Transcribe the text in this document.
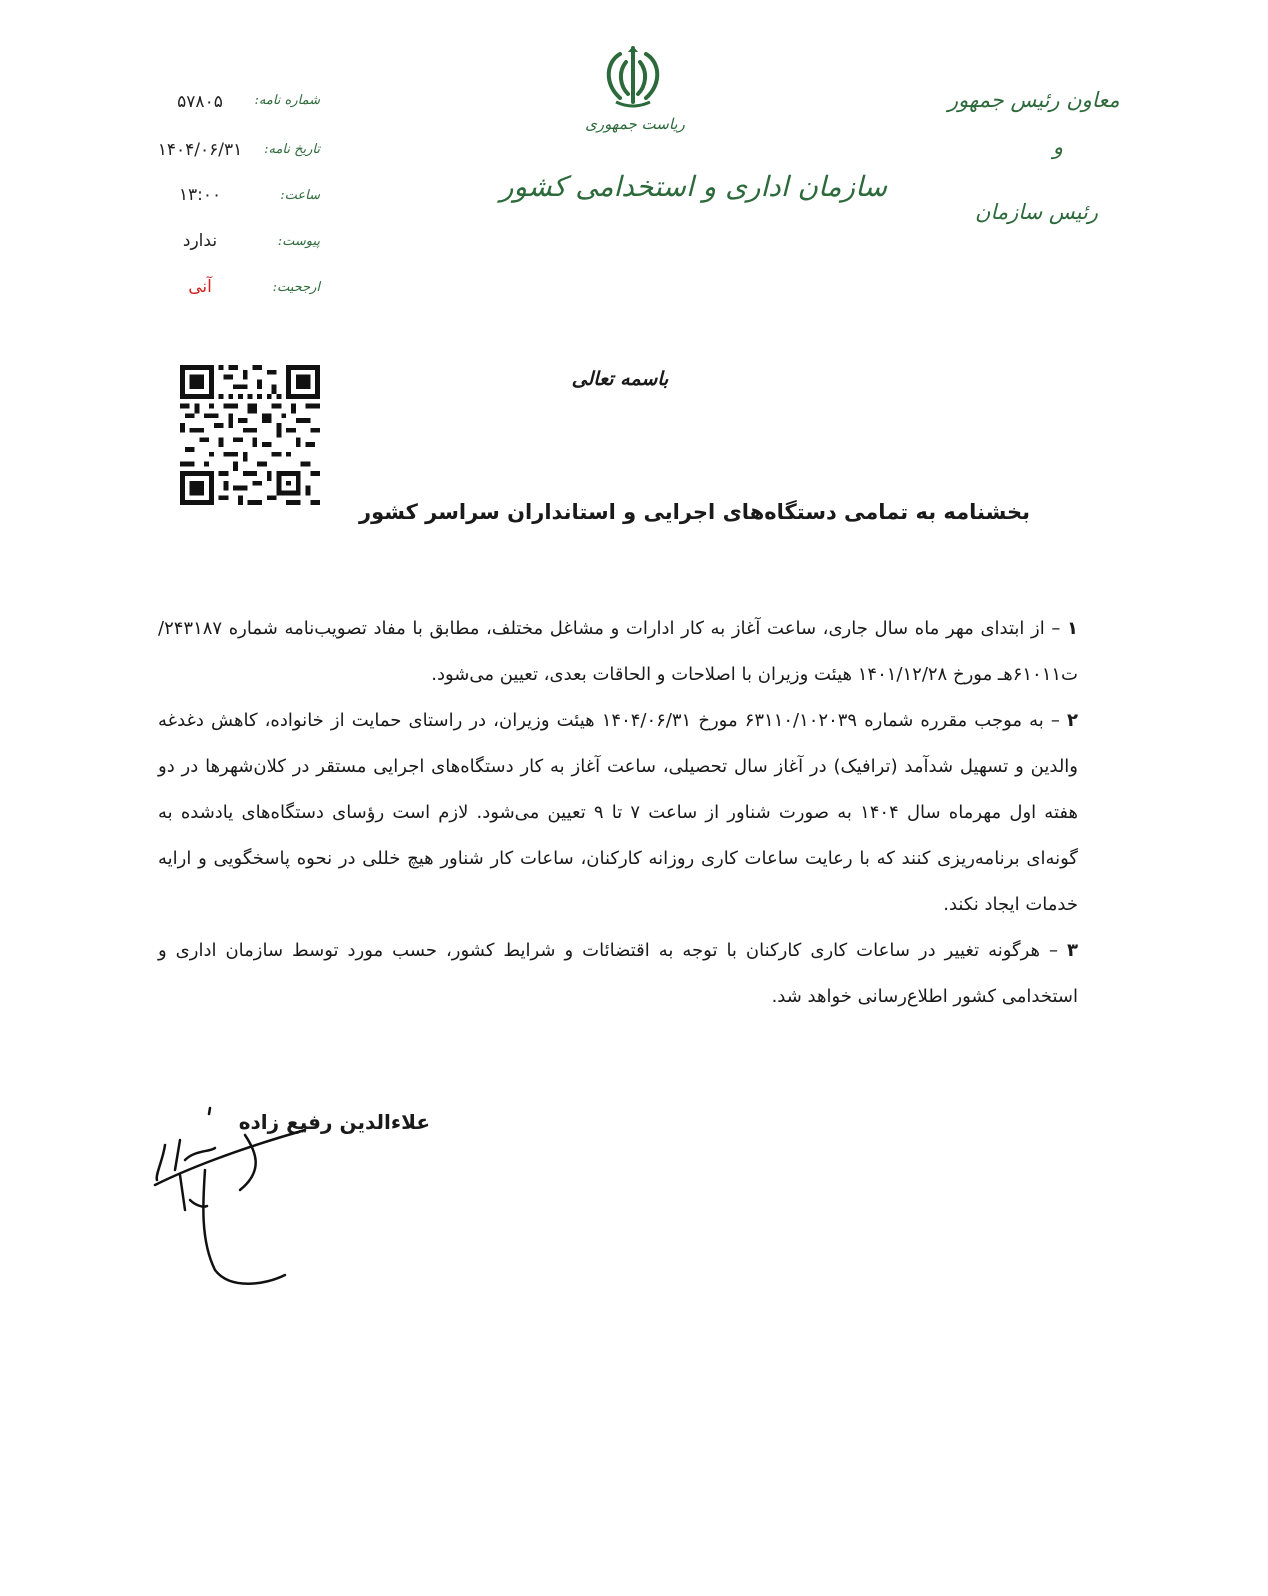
معاون رئیس جمهور
و
رئیس سازمان
ریاست جمهوری
سازمان اداری و استخدامی کشور
شماره نامه:
۵۷۸۰۵
تاریخ نامه:
۱۴۰۴/۰۶/۳۱
ساعت:
۱۳:۰۰
پیوست:
ندارد
ارجحیت:
آنی
باسمه تعالی
بخشنامه به تمامی دستگاه‌های اجرایی و استانداران سراسر کشور

۱ – از ابتدای مهر ماه سال جاری، ساعت آغاز به کار ادارات و مشاغل مختلف، مطابق با مفاد تصویب‌نامه شماره ۲۴۳۱۸۷/ت۶۱۰۱۱هـ مورخ ۱۴۰۱/۱۲/۲۸ هیئت وزیران با اصلاحات و الحاقات بعدی، تعیین می‌شود.

۲ – به موجب مقرره شماره ۶۳۱۱۰/۱۰۲۰۳۹ مورخ ۱۴۰۴/۰۶/۳۱ هیئت وزیران، در راستای حمایت از خانواده، کاهش دغدغه والدین و تسهیل شدآمد (ترافیک) در آغاز سال تحصیلی، ساعت آغاز به کار دستگاه‌های اجرایی مستقر در کلان‌شهرها در دو هفته اول مهرماه سال ۱۴۰۴ به صورت شناور از ساعت ۷ تا ۹ تعیین می‌شود. لازم است رؤسای دستگاه‌های یادشده به گونه‌ای برنامه‌ریزی کنند که با رعایت ساعات کاری روزانه کارکنان، ساعات کار شناور هیچ خللی در نحوه پاسخگویی و ارایه خدمات ایجاد نکند.

۳ – هرگونه تغییر در ساعات کاری کارکنان با توجه به اقتضائات و شرایط کشور، حسب مورد توسط سازمان اداری و استخدامی کشور اطلاع‌رسانی خواهد شد.

علاءالدین رفیع زاده
